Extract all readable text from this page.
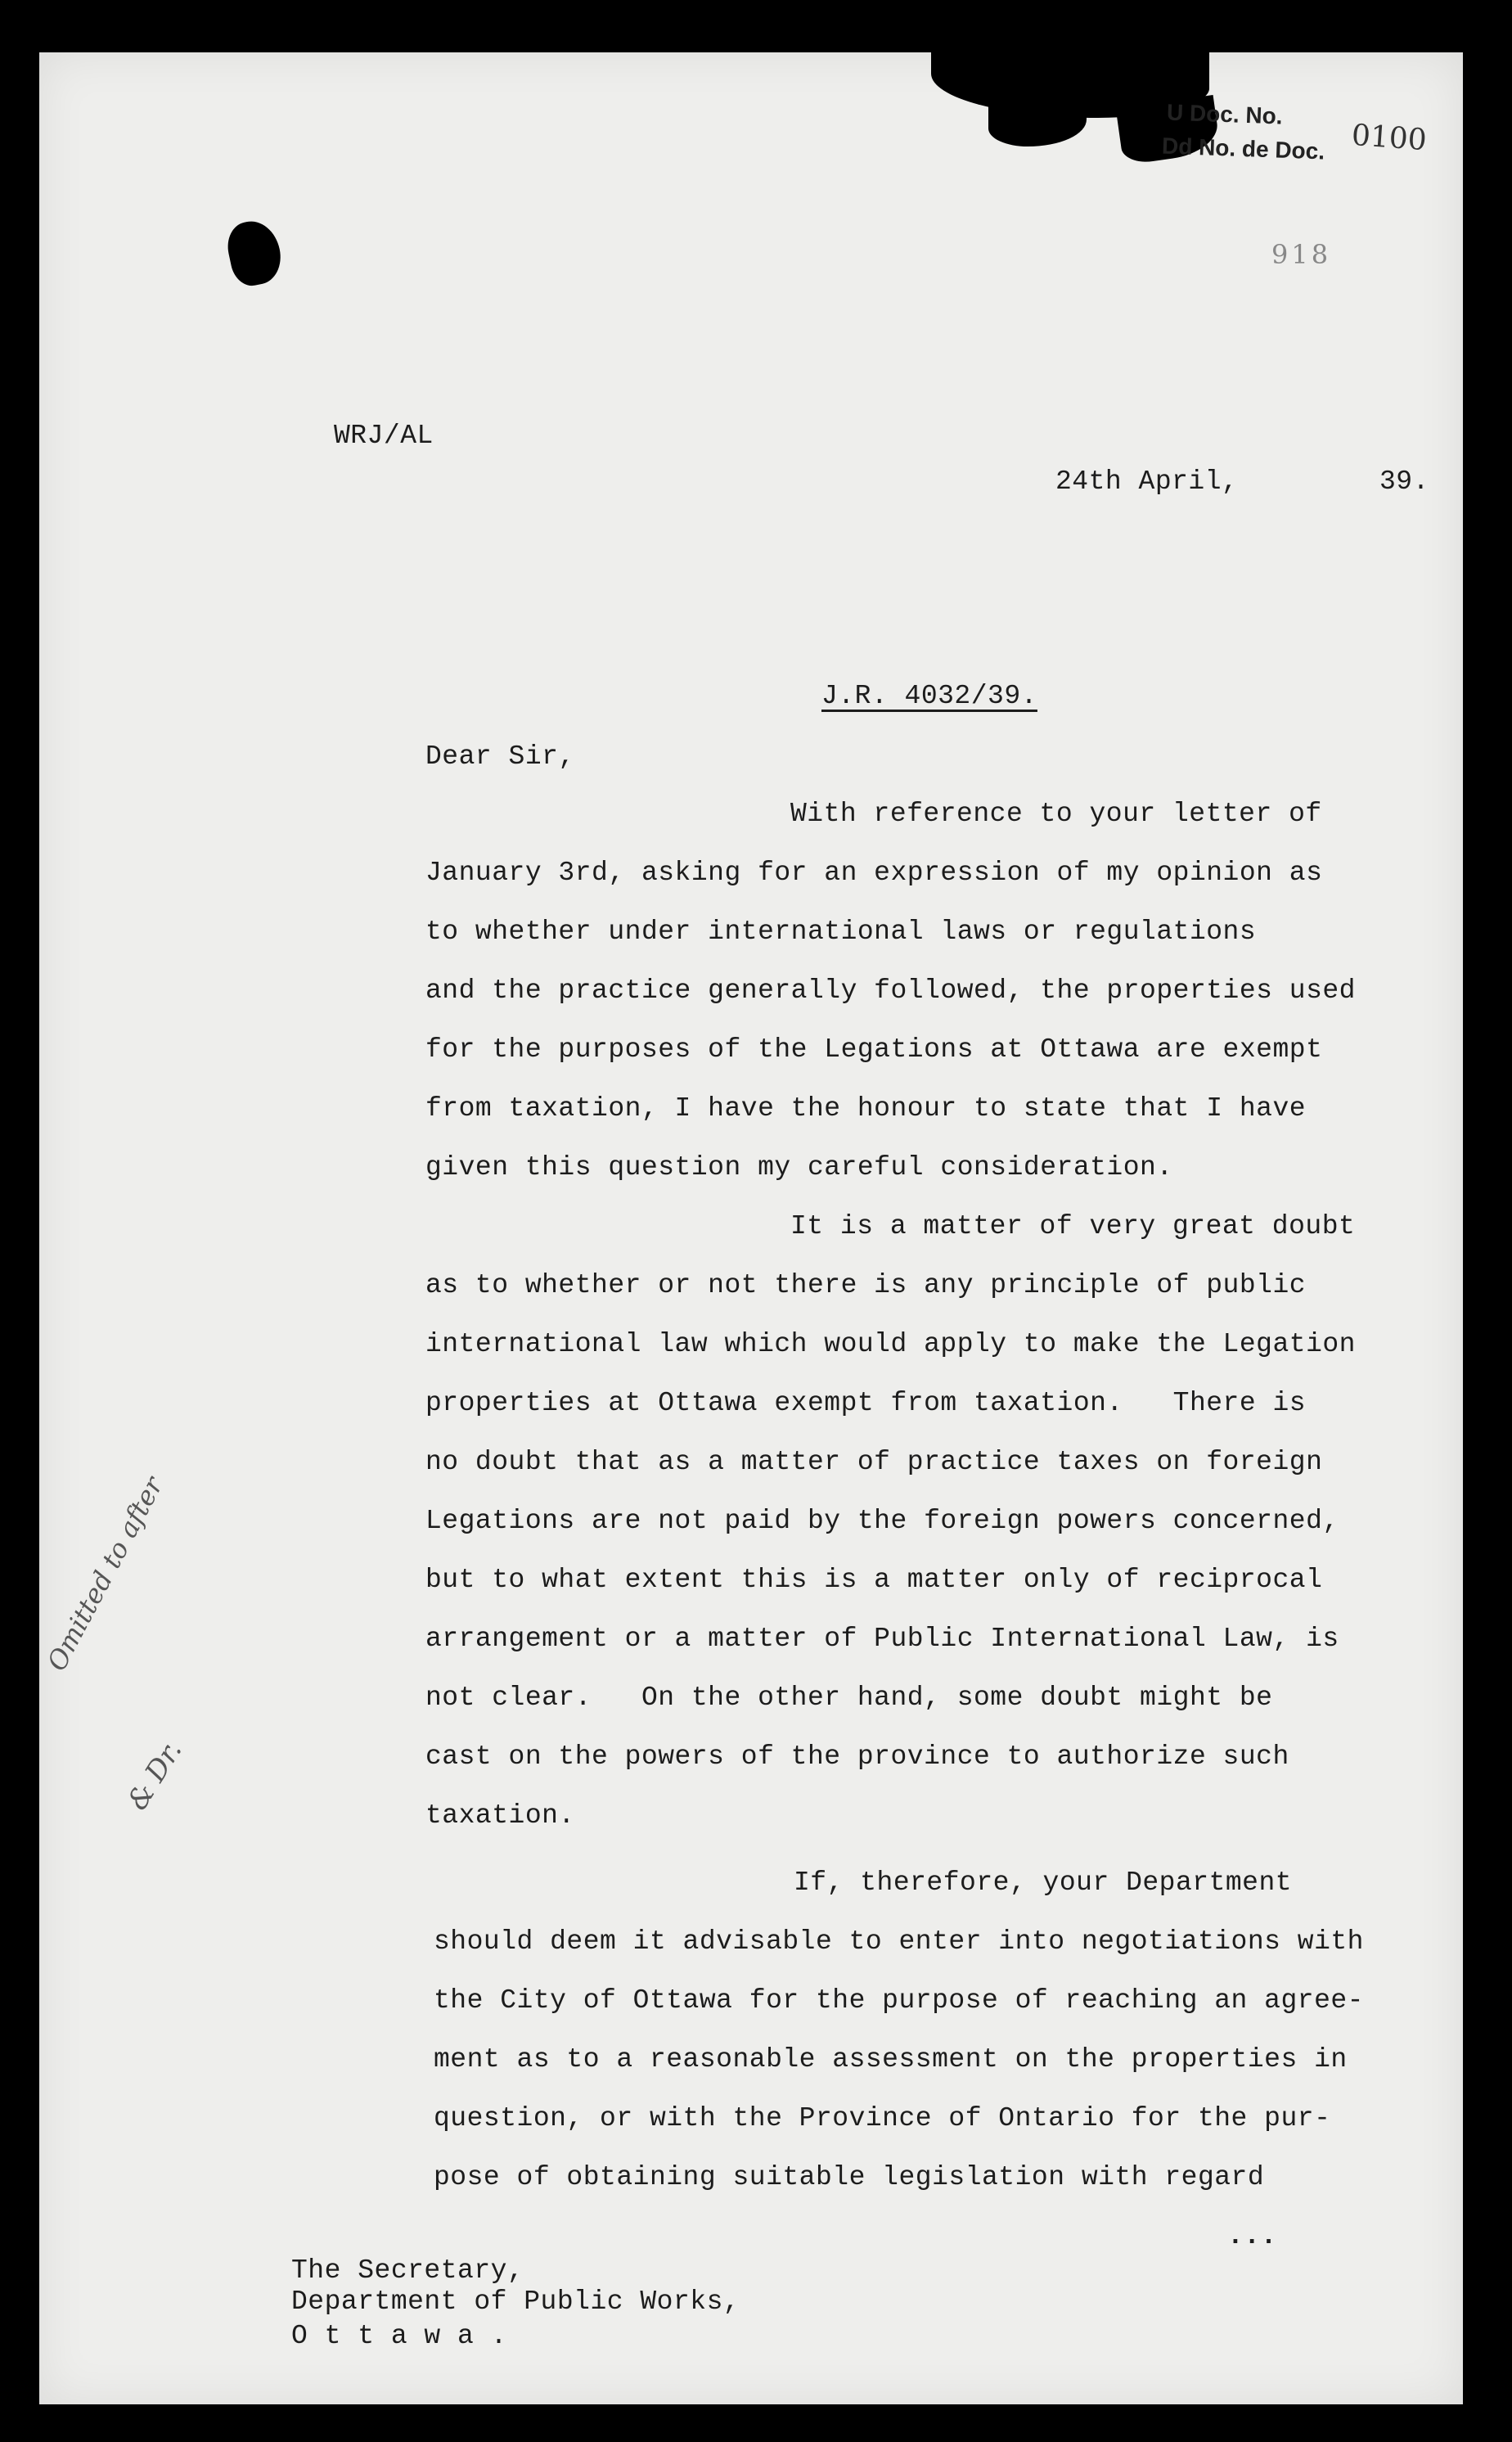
U Doc. No.
Dd No. de Doc. 0100
918
WRJ/AL
24th April,	39.
J.R. 4032/39.
Dear Sir,
With reference to your letter of
January 3rd, asking for an expression of my opinion as
to whether under international laws or regulations
and the practice generally followed, the properties used
for the purposes of the Legations at Ottawa are exempt
from taxation, I have the honour to state that I have
given this question my careful consideration.
It is a matter of very great doubt
as to whether or not there is any principle of public
international law which would apply to make the Legation
properties at Ottawa exempt from taxation.   There is
no doubt that as a matter of practice taxes on foreign
Legations are not paid by the foreign powers concerned,
but to what extent this is a matter only of reciprocal
arrangement or a matter of Public International Law, is
not clear.   On the other hand, some doubt might be
cast on the powers of the province to authorize such
taxation.
If, therefore, your Department
should deem it advisable to enter into negotiations with
the City of Ottawa for the purpose of reaching an agree-
ment as to a reasonable assessment on the properties in
question, or with the Province of Ontario for the pur-
pose of obtaining suitable legislation with regard
...
The Secretary,
Department of Public Works,
O t t a w a .
Omitted to after
& Dr.
